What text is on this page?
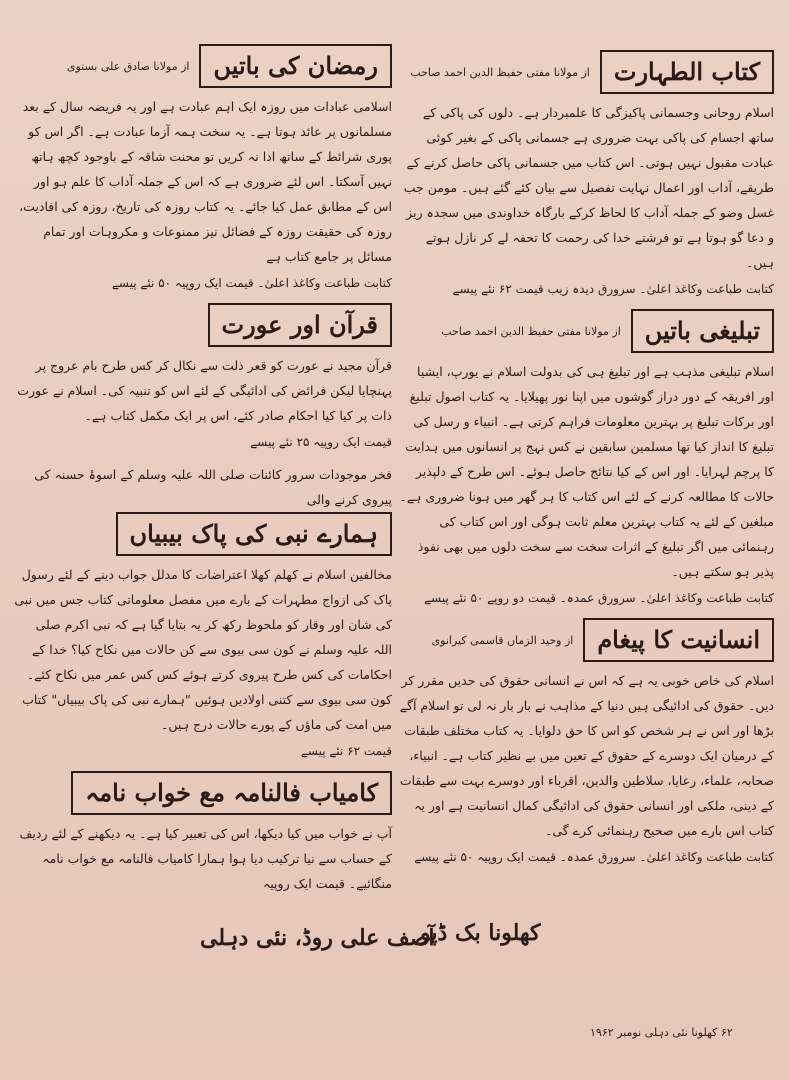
کتاب الطہارت
از مولانا مفتی حفیظ الدین احمد صاحب

اسلام روحانی وجسمانی پاکیزگی کا علمبردار ہے۔ دلوں کی پاکی کے ساتھ اجسام کی پاکی بہت ضروری ہے جسمانی پاکی کے بغیر کوئی عبادت مقبول نہیں ہوتی۔ اس کتاب میں جسمانی پاکی حاصل کرنے کے طریقے، آداب اور اعمال نہایت تفصیل سے بیان کئے گئے ہیں۔ مومن جب غسل وضو کے جملہ آداب کا لحاظ کرکے بارگاہ خداوندی میں سجدہ ریز و دعا گو ہوتا ہے تو فرشتے خدا کی رحمت کا تحفہ لے کر نازل ہوتے ہیں۔

کتابت طباعت وکاغذ اعلیٰ۔ سرورق دیدہ زیب قیمت ۶۲ نئے پیسے

تبلیغی باتیں
از مولانا مفتی حفیظ الدین احمد صاحب

اسلام تبلیغی مذہب ہے اور تبلیغ ہی کی بدولت اسلام نے یورپ، ایشیا اور افریقہ کے دور دراز گوشوں میں اپنا نور پھیلایا۔ یہ کتاب اصول تبلیغ اور برکات تبلیغ پر بہترین معلومات فراہم کرتی ہے۔ انبیاء و رسل کی تبلیغ کا انداز کیا تھا مسلمین سابقین نے کس نہج پر انسانوں میں ہدایت کا پرچم لہرایا۔ اور اس کے کیا نتائج حاصل ہوئے۔ اس طرح کے دلپذیر حالات کا مطالعہ کرنے کے لئے اس کتاب کا ہر گھر میں ہونا ضروری ہے۔ مبلغین کے لئے یہ کتاب بہترین معلم ثابت ہوگی اور اس کتاب کی رہنمائی میں اگر تبلیغ کے اثرات سخت سے سخت دلوں میں بھی نفوذ پذیر ہو سکتے ہیں۔

کتابت طباعت وکاغذ اعلیٰ۔ سرورق عمدہ۔ قیمت دو روپے ۵۰ نئے پیسے

انسانیت کا پیغام
از وحید الزماں قاسمی کیرانوی

اسلام کی خاص خوبی یہ ہے کہ اس نے انسانی حقوق کی حدیں مقرر کر دیں۔ حقوق کی ادائیگی ہیں دنیا کے مذاہب نے بار بار نہ لی تو اسلام آگے بڑھا اور اس نے ہر شخص کو اس کا حق دلوایا۔ یہ کتاب مختلف طبقات کے درمیان ایک دوسرے کے حقوق کے تعین میں بے نظیر کتاب ہے۔ انبیاء، صحابہ، علماء، رعایا، سلاطین والدین، اقرباء اور دوسرے بہت سے طبقات کے دینی، ملکی اور انسانی حقوق کی ادائیگی کمال انسانیت ہے اور یہ کتاب اس بارے میں صحیح رہنمائی کرے گی۔

کتابت طباعت وکاغذ اعلیٰ۔ سرورق عمدہ۔ قیمت ایک روپیہ ۵۰ نئے پیسے

رمضان کی باتیں
از مولانا صادق علی بستوی

اسلامی عبادات میں روزہ ایک اہم عبادت ہے اور یہ فریضہ سال کے بعد مسلمانوں پر عائد ہوتا ہے۔ یہ سخت ہمہ آزما عبادت ہے۔ اگر اس کو پوری شرائط کے ساتھ ادا نہ کریں تو محنت شاقہ کے باوجود کچھ ہاتھ نہیں آسکتا۔ اس لئے ضروری ہے کہ اس کے جملہ آداب کا علم ہو اور اس کے مطابق عمل کیا جائے۔ یہ کتاب روزہ کی تاریخ، روزہ کی افادیت، روزہ کی حقیقت روزہ کے فضائل نیز ممنوعات و مکروہات اور تمام مسائل پر جامع کتاب ہے

کتابت طباعت وکاغذ اعلیٰ۔ قیمت ایک روپیہ ۵۰ نئے پیسے

قرآن اور عورت

قرآن مجید نے عورت کو قعر ذلت سے نکال کر کس طرح بام عروج پر پہنچایا لیکن فرائض کی ادائیگی کے لئے اس کو تنبیہ کی۔ اسلام نے عورت ذات پر کیا کیا احکام صادر کئے، اس پر ایک مکمل کتاب ہے۔

قیمت ایک روپیہ ۲۵ نئے پیسے

فخر موجودات سرور کائنات صلی اللہ علیہ وسلم کے اسوۂ حسنہ کی پیروی کرنے والی

ہمارے نبی کی پاک بیبیاں

مخالفین اسلام نے کھلم کھلا اعتراضات کا مدلل جواب دینے کے لئے رسول پاک کی ازواج مطہرات کے بارے میں مفصل معلوماتی کتاب جس میں نبی کی شان اور وقار کو ملحوظ رکھ کر یہ بتایا گیا ہے کہ نبی اکرم صلی اللہ علیہ وسلم نے کون سی بیوی سے کن حالات میں نکاح کیا؟ خدا کے احکامات کی کس طرح پیروی کرتے ہوئے کس کس عمر میں نکاح کئے۔ کون سی بیوی سے کتنی اولادیں ہوئیں "ہمارے نبی کی پاک بیبیاں" کتاب میں امت کی ماؤں کے پورے حالات درج ہیں۔

قیمت ۶۲ نئے پیسے

کامیاب فالنامہ مع خواب نامہ

آپ نے خواب میں کیا دیکھا، اس کی تعبیر کیا ہے۔ یہ دیکھنے کے لئے ردیف کے حساب سے نیا ترکیب دیا ہوا ہمارا کامیاب فالنامہ مع خواب نامہ منگائیے۔ قیمت ایک روپیہ

کھلونا بک ڈپو
آصف علی روڈ، نئی دہلی
۶۲ کھلونا نئی دہلی نومبر ۱۹۶۲
